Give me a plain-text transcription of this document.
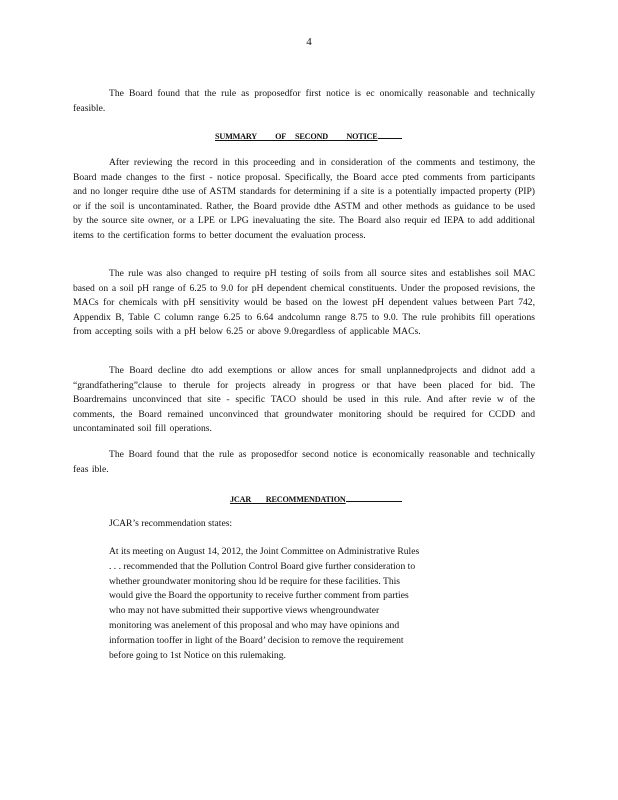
4

The Board found that the rule as proposedfor first notice is ec onomically reasonable and technically feasible.

SUMMARY          OF     SECOND          NOTICE

After reviewing the record in this proceeding and in consideration of the comments and testimony, the Board made changes to the first - notice proposal. Specifically, the Board acce pted comments from participants and no longer require dthe use of ASTM standards for determining if a site is a potentially impacted property (PIP) or if the soil is uncontaminated. Rather, the Board provide dthe ASTM and other methods as guidance to be used by the source site owner, or a LPE or LPG inevaluating the site. The Board also requir ed IEPA to add additional items to the certification forms to better document the evaluation process.

The rule was also changed to require pH testing of soils from all source sites and establishes soil MAC based on a soil pH range of 6.25 to 9.0 for pH dependent chemical constituents. Under the proposed revisions, the MACs for chemicals with pH sensitivity would be based on the lowest pH dependent values between Part 742, Appendix B, Table C column range 6.25 to 6.64 andcolumn range 8.75 to 9.0. The rule prohibits fill operations from accepting soils with a pH below 6.25 or above 9.0regardless of applicable MACs.

The Board decline dto add exemptions or allow ances for small unplannedprojects and didnot add a “grandfathering”clause to therule for projects already in progress or that have been placed for bid. The Boardremains unconvinced that site - specific TACO should be used in this rule. And after revie w of the comments, the Board remained unconvinced that groundwater monitoring should be required for CCDD and uncontaminated soil fill operations.

The Board found that the rule as proposedfor second notice is economically reasonable and technically feas ible.

JCAR        RECOMMENDATION

JCAR’s recommendation states:

At its meeting on August 14, 2012, the Joint Committee on Administrative Rules
. . . recommended that the Pollution Control Board give further consideration to
whether groundwater monitoring shou ld be require for these facilities. This
would give the Board the opportunity to receive further comment from parties
who may not have submitted their supportive views whengroundwater
monitoring was anelement of this proposal and who may have opinions and
information tooffer in light of the Board’ decision to remove the requirement
before going to 1st Notice on this rulemaking.
